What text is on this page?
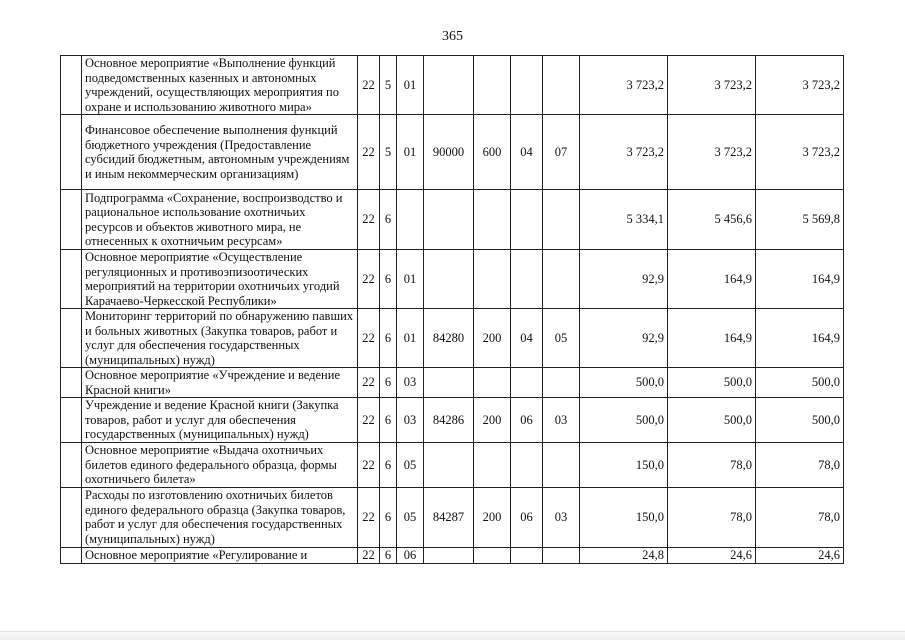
365
	Основное мероприятие «Выполнение функций подведомственных казенных и автономных учреждений, осуществляющих мероприятия по охране и использованию животного мира»	22	5	01					3 723,2	3 723,2	3 723,2
	Финансовое обеспечение выполнения функций бюджетного учреждения (Предоставление субсидий бюджетным, автономным учреждениям и иным некоммерческим организациям)	22	5	01	90000	600	04	07	3 723,2	3 723,2	3 723,2
	Подпрограмма «Сохранение, воспроизводство и рациональное использование охотничьих ресурсов и объектов животного мира, не отнесенных к охотничьим ресурсам»	22	6						5 334,1	5 456,6	5 569,8
	Основное мероприятие «Осуществление регуляционных и противоэпизоотических мероприятий на территории охотничьих угодий Карачаево-Черкесской Республики»	22	6	01					92,9	164,9	164,9
	Мониторинг территорий по обнаружению павших и больных животных (Закупка товаров, работ и услуг для обеспечения государственных (муниципальных) нужд)	22	6	01	84280	200	04	05	92,9	164,9	164,9
	Основное мероприятие «Учреждение и ведение Красной книги»	22	6	03					500,0	500,0	500,0
	Учреждение и ведение Красной книги (Закупка товаров, работ и услуг для обеспечения государственных (муниципальных) нужд)	22	6	03	84286	200	06	03	500,0	500,0	500,0
	Основное мероприятие «Выдача охотничьих билетов единого федерального образца, формы охотничьего билета»	22	6	05					150,0	78,0	78,0
	Расходы по изготовлению охотничьих билетов единого федерального образца (Закупка товаров, работ и услуг для обеспечения государственных (муниципальных) нужд)	22	6	05	84287	200	06	03	150,0	78,0	78,0
	Основное мероприятие «Регулирование и	22	6	06					24,8	24,6	24,6
